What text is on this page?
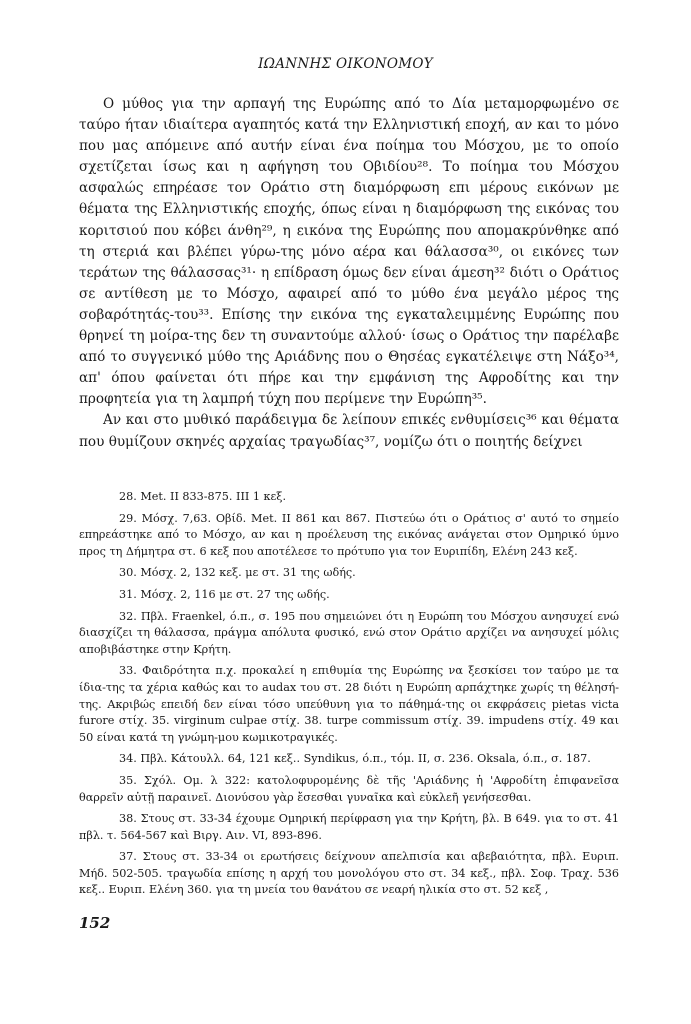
ΙΩΑΝΝΗΣ ΟΙΚΟΝΟΜΟΥ

Ο μύθος για την αρπαγή της Ευρώπης από το Δία μεταμορφωμένο σε ταύρο ήταν ιδιαίτερα αγαπητός κατά την Ελληνιστική εποχή, αν και το μόνο που μας απόμεινε από αυτήν είναι ένα ποίημα του Μόσχου, με το οποίο σχετίζεται ίσως και η αφήγηση του Οβιδίου²⁸. Το ποίημα του Μόσχου ασφαλώς επηρέασε τον Οράτιο στη διαμόρφωση επι μέρους εικόνων με θέματα της Ελληνιστικής εποχής, όπως είναι η διαμόρφωση της εικόνας του κοριτσιού που κόβει άνθη²⁹, η εικόνα της Ευρώπης που απομακρύνθηκε από τη στεριά και βλέπει γύρω-της μόνο αέρα και θάλασσα³⁰, οι εικόνες των τεράτων της θάλασσας³¹· η επίδραση όμως δεν είναι άμεση³² διότι ο Οράτιος σε αντίθεση με το Μόσχο, αφαιρεί από το μύθο ένα μεγάλο μέρος της σοβαρότητάς-του³³. Επίσης την εικόνα της εγκαταλειμμένης Ευρώπης που θρηνεί τη μοίρα-της δεν τη συναντούμε αλλού· ίσως ο Οράτιος την παρέλαβε από το συγγενικό μύθο της Αριάδνης που ο Θησέας εγκατέλειψε στη Νάξο³⁴, απ' όπου φαίνεται ότι πήρε και την εμφάνιση της Αφροδίτης και την προφητεία για τη λαμπρή τύχη που περίμενε την Ευρώπη³⁵.

Αν και στο μυθικό παράδειγμα δε λείπουν επικές ενθυμίσεις³⁶ και θέματα που θυμίζουν σκηνές αρχαίας τραγωδίας³⁷, νομίζω ότι ο ποιητής δείχνει

28. Met. II 833-875. III 1 κεξ.

29. Μόσχ. 7,63. Οβίδ. Met. II 861 και 867. Πιστεύω ότι ο Οράτιος σ' αυτό το σημείο επηρεάστηκε από το Μόσχο, αν και η προέλευση της εικόνας ανάγεται στον Ομηρικό ύμνο προς τη Δήμητρα στ. 6 κεξ που αποτέλεσε το πρότυπο για τον Ευριπίδη, Ελένη 243 κεξ.

30. Μόσχ. 2, 132 κεξ. με στ. 31 της ωδής.

31. Μόσχ. 2, 116 με στ. 27 της ωδής.

32. Πβλ. Fraenkel, ό.π., σ. 195 που σημειώνει ότι η Ευρώπη του Μόσχου ανησυχεί ενώ διασχίζει τη θάλασσα, πράγμα απόλυτα φυσικό, ενώ στον Οράτιο αρχίζει να ανησυχεί μόλις αποβιβάστηκε στην Κρήτη.

33. Φαιδρότητα π.χ. προκαλεί η επιθυμία της Ευρώπης να ξεσκίσει τον ταύρο με τα ίδια-της τα χέρια καθώς και το audax του στ. 28 διότι η Ευρώπη αρπάχτηκε χωρίς τη θέλησή-της. Ακριβώς επειδή δεν είναι τόσο υπεύθυνη για το πάθημά-της οι εκφράσεις pietas victa furore στίχ. 35. virginum culpae στίχ. 38. turpe commissum στίχ. 39. impudens στίχ. 49 και 50 είναι κατά τη γνώμη-μου κωμικοτραγικές.

34. Πβλ. Κάτουλλ. 64, 121 κεξ.. Syndikus, ό.π., τόμ. II, σ. 236. Oksala, ό.π., σ. 187.

35. Σχόλ. Ομ. λ 322: κατολοφυρομένης δὲ τῆς 'Αριάδνης ἡ 'Αφροδίτη ἐπιφανεῖσα θαρρεῖν αὐτῇ παραινεῖ. Διονύσου γὰρ ἔσεσθαι γυναῖκα καὶ εὐκλεῆ γενήσεσθαι.

38. Στους στ. 33-34 έχουμε Ομηρική περίφραση για την Κρήτη, βλ. Β 649. για το στ. 41 πβλ. τ. 564-567 καὶ Βιργ. Αιν. VI, 893-896.

37. Στους στ. 33-34 οι ερωτήσεις δείχνουν απελπισία και αβεβαιότητα, πβλ. Ευριπ. Μήδ. 502-505. τραγωδία επίσης η αρχή του μονολόγου στο στ. 34 κεξ., πβλ. Σοφ. Τραχ. 536 κεξ.. Ευριπ. Ελένη 360. για τη μνεία του θανάτου σε νεαρή ηλικία στο στ. 52 κεξ ,

152
